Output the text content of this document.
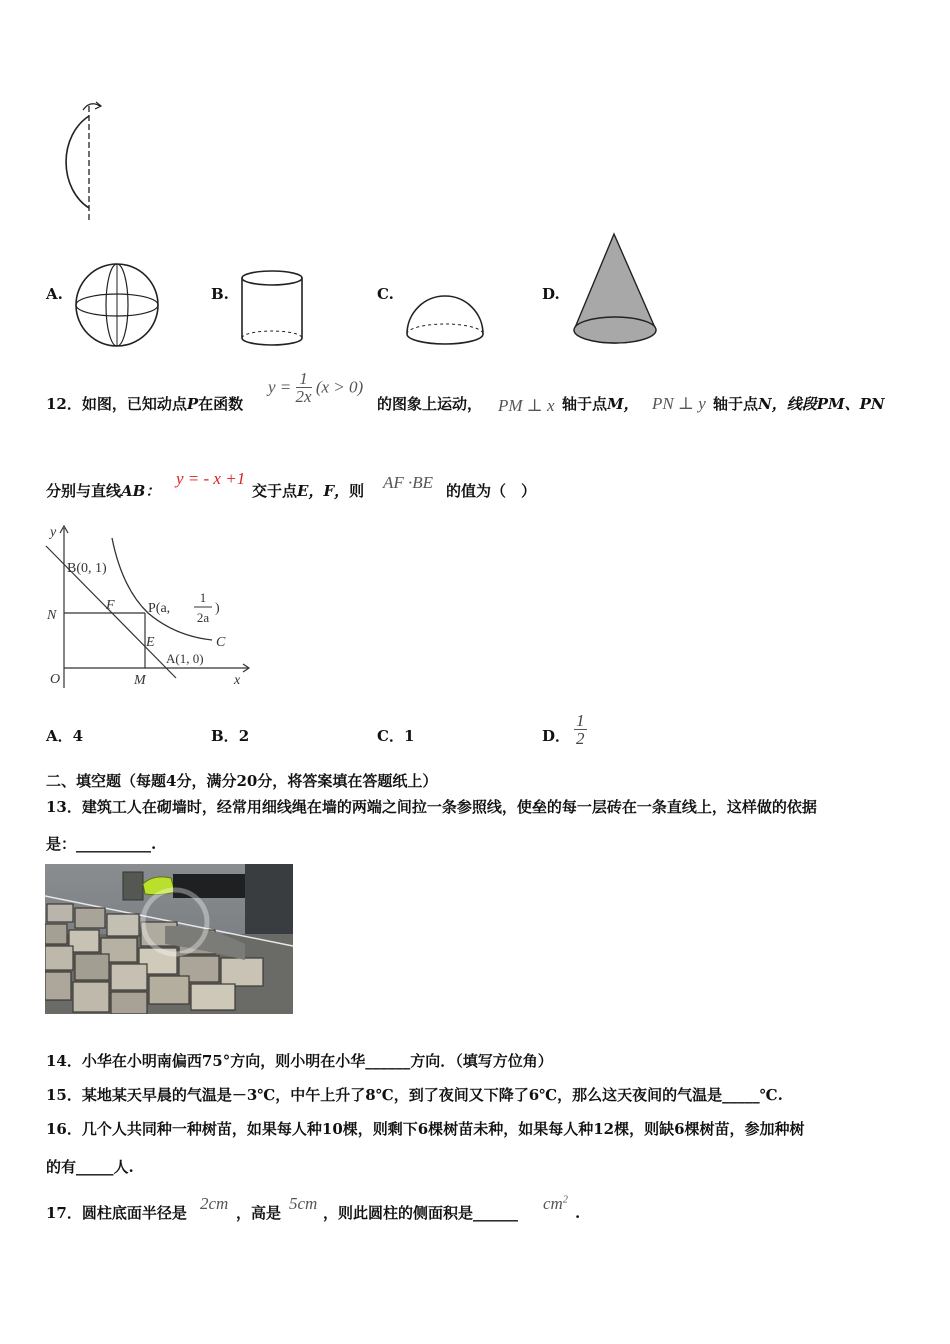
A.	B.	C.	D.
12．如图，已知动点P在函数
$y = \frac{1}{2x} (x > 0)$
的图象上运动， PM ⊥ x 轴于点M， PN ⊥ y 轴于点N，线段PM、PN
分别与直线AB：
y = - x +1
交于点E，F，则 AF ·BE 的值为（　）
y
x
O
B(0, 1)
N
F P(a,
1
2a
)
E	C
A(1, 0)
M
A．4	B．2	C．1	D． $\frac{1}{2}$
二、填空题（每题4分，满分20分，将答案填在答题纸上）
13．建筑工人在砌墙时，经常用细线绳在墙的两端之间拉一条参照线，使垒的每一层砖在一条直线上，这样做的依据
是：__________.
14．小华在小明南偏西75°方向，则小明在小华______方向．（填写方位角）
15．某地某天早晨的气温是－3℃，中午上升了8℃，到了夜间又下降了6℃，那么这天夜间的气温是_____℃.
16．几个人共同种一种树苗，如果每人种10棵，则剩下6棵树苗未种，如果每人种12棵，则缺6棵树苗，参加种树
的有_____人.
17．圆柱底面半径是 2cm ，高是 5cm ，则此圆柱的侧面积是______ $cm^2$
.
